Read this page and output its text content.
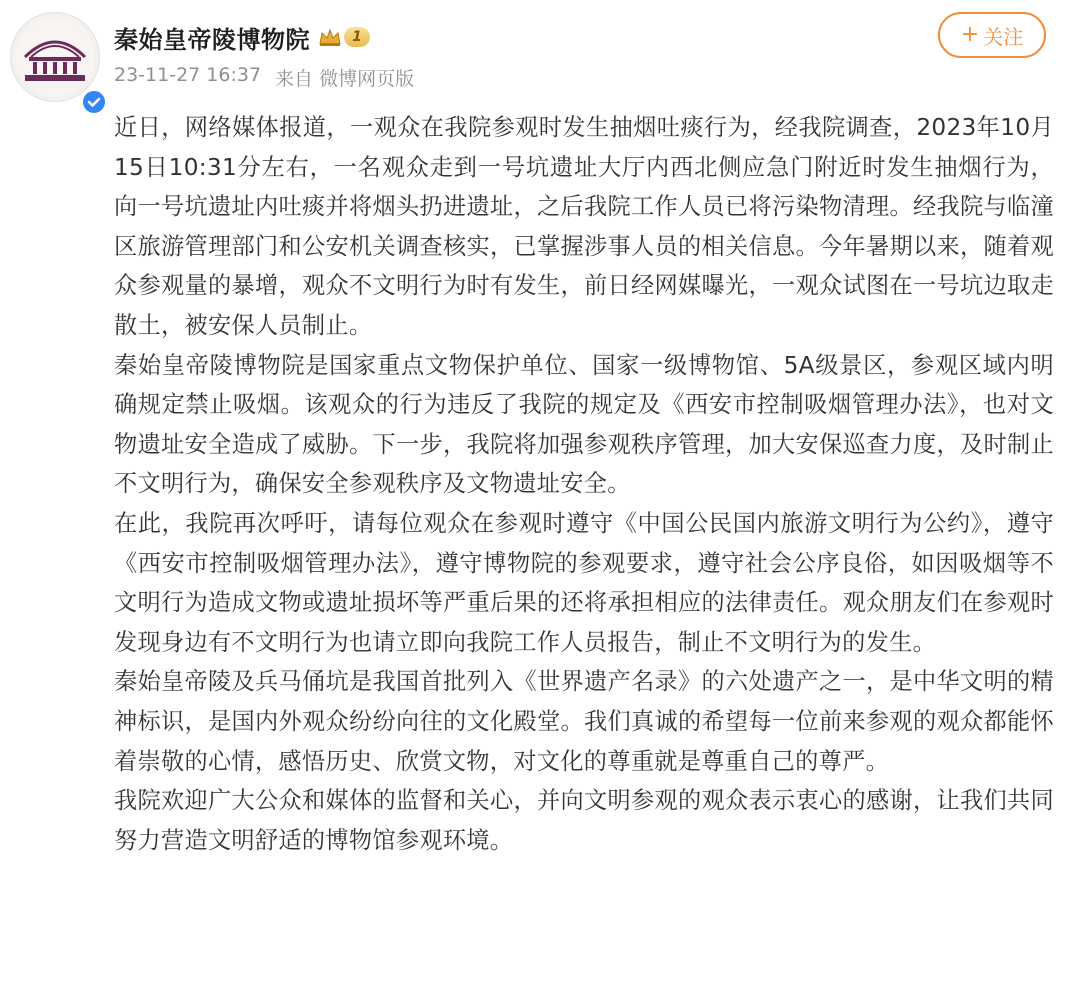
秦始皇帝陵博物院	1
23-11-27 16:37 来自 微博网页版
+ 关注

近日，网络媒体报道，一观众在我院参观时发生抽烟吐痰行为，经我院调查，2023年10月15日10:31分左右，一名观众走到一号坑遗址大厅内西北侧应急门附近时发生抽烟行为，向一号坑遗址内吐痰并将烟头扔进遗址，之后我院工作人员已将污染物清理。经我院与临潼区旅游管理部门和公安机关调查核实，已掌握涉事人员的相关信息。今年暑期以来，随着观众参观量的暴增，观众不文明行为时有发生，前日经网媒曝光，一观众试图在一号坑边取走散土，被安保人员制止。

秦始皇帝陵博物院是国家重点文物保护单位、国家一级博物馆、5A级景区，参观区域内明确规定禁止吸烟。该观众的行为违反了我院的规定及《西安市控制吸烟管理办法》，也对文物遗址安全造成了威胁。下一步，我院将加强参观秩序管理，加大安保巡查力度，及时制止不文明行为，确保安全参观秩序及文物遗址安全。

在此，我院再次呼吁，请每位观众在参观时遵守《中国公民国内旅游文明行为公约》，遵守《西安市控制吸烟管理办法》，遵守博物院的参观要求，遵守社会公序良俗，如因吸烟等不文明行为造成文物或遗址损坏等严重后果的还将承担相应的法律责任。观众朋友们在参观时发现身边有不文明行为也请立即向我院工作人员报告，制止不文明行为的发生。

秦始皇帝陵及兵马俑坑是我国首批列入《世界遗产名录》的六处遗产之一，是中华文明的精神标识，是国内外观众纷纷向往的文化殿堂。我们真诚的希望每一位前来参观的观众都能怀着崇敬的心情，感悟历史、欣赏文物，对文化的尊重就是尊重自己的尊严。

我院欢迎广大公众和媒体的监督和关心，并向文明参观的观众表示衷心的感谢，让我们共同努力营造文明舒适的博物馆参观环境。
